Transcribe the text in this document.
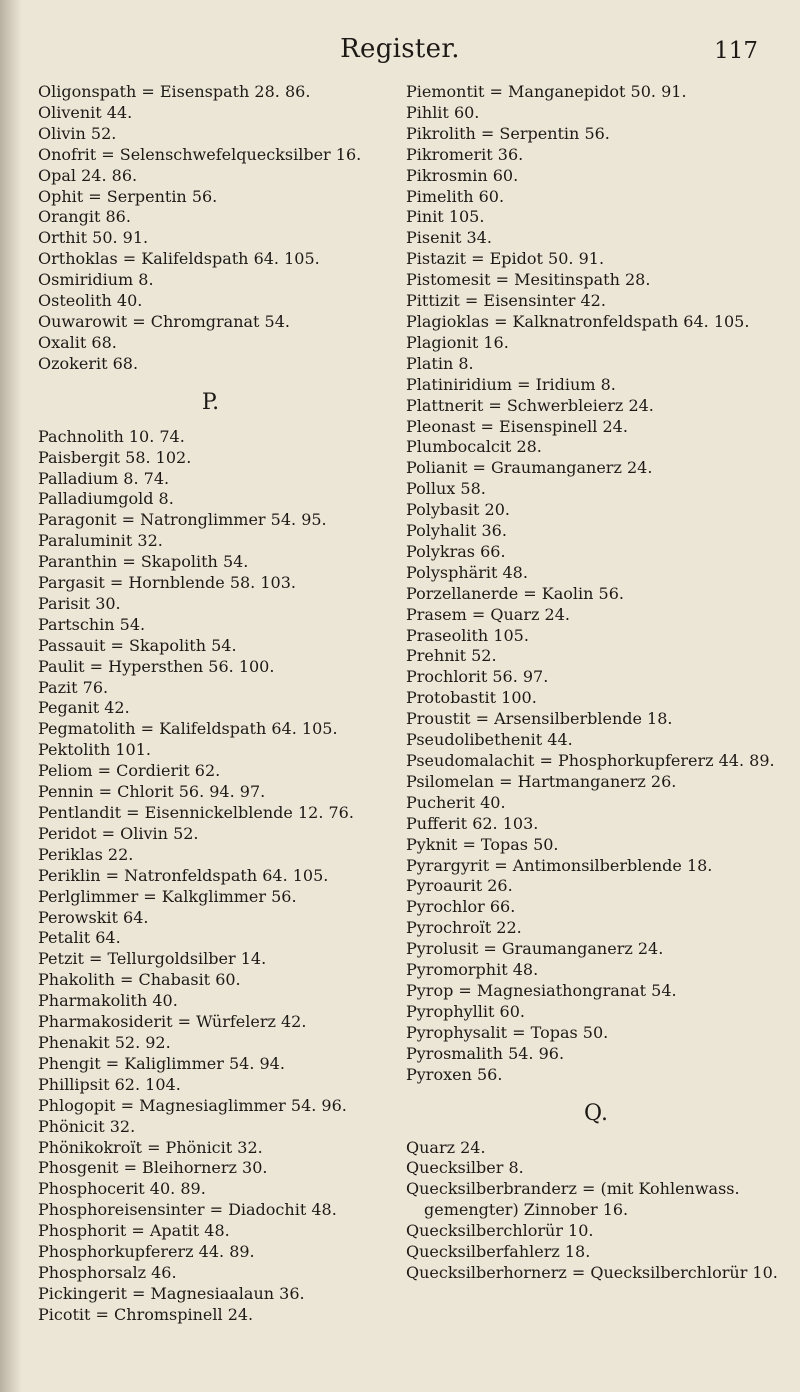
Register.	117
Oligonspath = Eisenspath 28. 86.
Olivenit 44.
Olivin 52.
Onofrit = Selenschwefelquecksilber 16.
Opal 24. 86.
Ophit = Serpentin 56.
Orangit 86.
Orthit 50. 91.
Orthoklas = Kalifeldspath 64. 105.
Osmiridium 8.
Osteolith 40.
Ouwarowit = Chromgranat 54.
Oxalit 68.
Ozokerit 68.
P.
Pachnolith 10. 74.
Paisbergit 58. 102.
Palladium 8. 74.
Palladiumgold 8.
Paragonit = Natronglimmer 54. 95.
Paraluminit 32.
Paranthin = Skapolith 54.
Pargasit = Hornblende 58. 103.
Parisit 30.
Partschin 54.
Passauit = Skapolith 54.
Paulit = Hypersthen 56. 100.
Pazit 76.
Peganit 42.
Pegmatolith = Kalifeldspath 64. 105.
Pektolith 101.
Peliom = Cordierit 62.
Pennin = Chlorit 56. 94. 97.
Pentlandit = Eisennickelblende 12. 76.
Peridot = Olivin 52.
Periklas 22.
Periklin = Natronfeldspath 64. 105.
Perlglimmer = Kalkglimmer 56.
Perowskit 64.
Petalit 64.
Petzit = Tellurgoldsilber 14.
Phakolith = Chabasit 60.
Pharmakolith 40.
Pharmakosiderit = Würfelerz 42.
Phenakit 52. 92.
Phengit = Kaliglimmer 54. 94.
Phillipsit 62. 104.
Phlogopit = Magnesiaglimmer 54. 96.
Phönicit 32.
Phönikokroït = Phönicit 32.
Phosgenit = Bleihornerz 30.
Phosphocerit 40. 89.
Phosphoreisensinter = Diadochit 48.
Phosphorit = Apatit 48.
Phosphorkupfererz 44. 89.
Phosphorsalz 46.
Pickingerit = Magnesiaalaun 36.
Picotit = Chromspinell 24.
Piemontit = Manganepidot 50. 91.
Pihlit 60.
Pikrolith = Serpentin 56.
Pikromerit 36.
Pikrosmin 60.
Pimelith 60.
Pinit 105.
Pisenit 34.
Pistazit = Epidot 50. 91.
Pistomesit = Mesitinspath 28.
Pittizit = Eisensinter 42.
Plagioklas = Kalknatronfeldspath 64. 105.
Plagionit 16.
Platin 8.
Platiniridium = Iridium 8.
Plattnerit = Schwerbleierz 24.
Pleonast = Eisenspinell 24.
Plumbocalcit 28.
Polianit = Graumanganerz 24.
Pollux 58.
Polybasit 20.
Polyhalit 36.
Polykras 66.
Polysphärit 48.
Porzellanerde = Kaolin 56.
Prasem = Quarz 24.
Praseolith 105.
Prehnit 52.
Prochlorit 56. 97.
Protobastit 100.
Proustit = Arsensilberblende 18.
Pseudolibethenit 44.
Pseudomalachit = Phosphorkupfererz 44. 89.
Psilomelan = Hartmanganerz 26.
Pucherit 40.
Pufferit 62. 103.
Pyknit = Topas 50.
Pyrargyrit = Antimonsilberblende 18.
Pyroaurit 26.
Pyrochlor 66.
Pyrochroït 22.
Pyrolusit = Graumanganerz 24.
Pyromorphit 48.
Pyrop = Magnesiathongranat 54.
Pyrophyllit 60.
Pyrophysalit = Topas 50.
Pyrosmalith 54. 96.
Pyroxen 56.
Q.
Quarz 24.
Quecksilber 8.
Quecksilberbranderz = (mit Kohlenwass. gemengter) Zinnober 16.
Quecksilberchlorür 10.
Quecksilberfahlerz 18.
Quecksilberhornerz = Quecksilberchlorür 10.
